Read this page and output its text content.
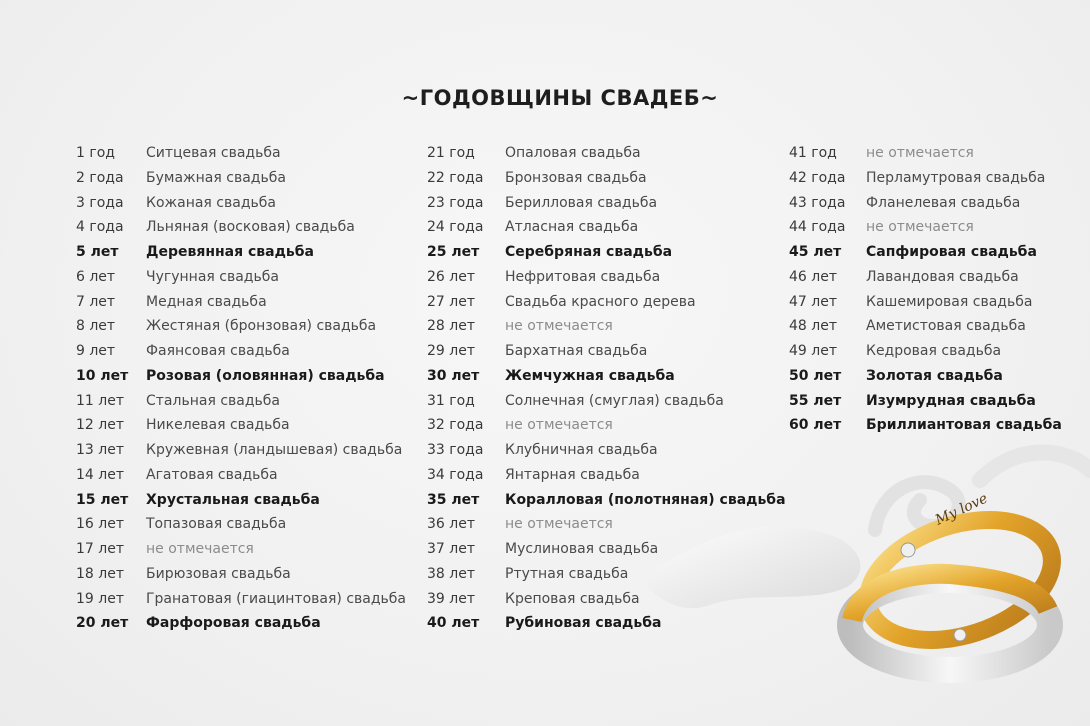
~ГОДОВЩИНЫ СВАДЕБ~
1 год Ситцевая свадьба
2 года Бумажная свадьба
3 года Кожаная свадьба
4 года Льняная (восковая) свадьба
5 лет Деревянная свадьба
6 лет Чугунная свадьба
7 лет Медная свадьба
8 лет Жестяная (бронзовая) свадьба
9 лет Фаянсовая свадьба
10 лет Розовая (оловянная) свадьба
11 лет Стальная свадьба
12 лет Никелевая свадьба
13 лет Кружевная (ландышевая) свадьба
14 лет Агатовая свадьба
15 лет Хрустальная свадьба
16 лет Топазовая свадьба
17 лет не отмечается
18 лет Бирюзовая свадьба
19 лет Гранатовая (гиацинтовая) свадьба
20 лет Фарфоровая свадьба
21 год Опаловая свадьба
22 года Бронзовая свадьба
23 года Берилловая свадьба
24 года Атласная свадьба
25 лет Серебряная свадьба
26 лет Нефритовая свадьба
27 лет Свадьба красного дерева
28 лет не отмечается
29 лет Бархатная свадьба
30 лет Жемчужная свадьба
31 год Солнечная (смуглая) свадьба
32 года не отмечается
33 года Клубничная свадьба
34 года Янтарная свадьба
35 лет Коралловая (полотняная) свадьба
36 лет не отмечается
37 лет Муслиновая свадьба
38 лет Ртутная свадьба
39 лет Креповая свадьба
40 лет Рубиновая свадьба
41 год не отмечается
42 года Перламутровая свадьба
43 года Фланелевая свадьба
44 года не отмечается
45 лет Сапфировая свадьба
46 лет Лавандовая свадьба
47 лет Кашемировая свадьба
48 лет Аметистовая свадьба
49 лет Кедровая свадьба
50 лет Золотая свадьба
55 лет Изумрудная свадьба
60 лет Бриллиантовая свадьба
My love
